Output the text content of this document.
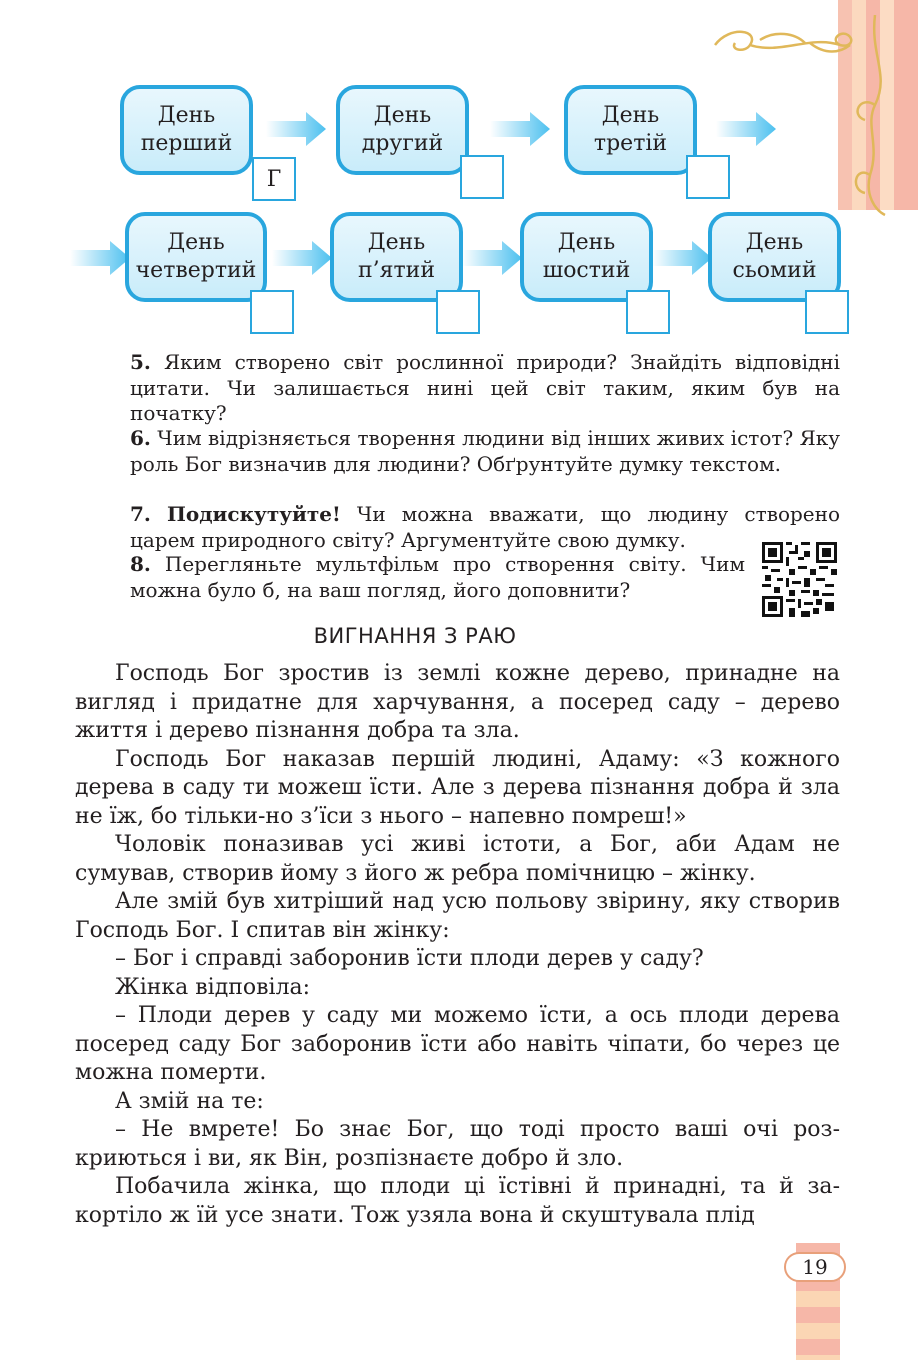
День
перший
Г
День
другий
День
третій
День
четвертий
День
п’ятий
День
шостий
День
сьомий
5. Яким створено світ рослинної природи? Знайдіть відповідні цитати. Чи залишається нині цей світ таким, яким був на початку?
6. Чим відрізняється творення людини від інших живих істот? Яку роль Бог визначив для людини? Обґрунтуйте думку текстом.
7. Подискутуйте! Чи можна вважати, що людину створено царем природного світу? Аргументуйте свою думку.
8. Перегляньте мультфільм про створення світу. Чим можна було б, на ваш погляд, його доповнити?
ВИГНАННЯ З РАЮ

Господь Бог зростив із землі кожне дерево, принадне на вигляд і придатне для харчування, а посеред саду – дерево життя і дерево пізнання добра та зла.

Господь Бог наказав першій людині, Адаму: «З кожного дерева в саду ти можеш їсти. Але з дерева пізнання добра й зла не їж, бо тільки-но з’їси з нього – напевно помреш!»

Чоловік поназивав усі живі істоти, а Бог, аби Адам не сумував, створив йому з його ж ребра помічницю – жінку.

Але змій був хитріший над усю польову звірину, яку створив Господь Бог. І спитав він жінку:

– Бог і справді заборонив їсти плоди дерев у саду?

Жінка відповіла:

– Плоди дерев у саду ми можемо їсти, а ось плоди дерева посеред саду Бог заборонив їсти або навіть чіпати, бо через це можна померти.

А змій на те:

– Не вмрете! Бо знає Бог, що тоді просто ваші очі розкриються і ви, як Він, розпізнаєте добро й зло.

Побачила жінка, що плоди ці їстівні й принадні, та й закортіло ж їй усе знати. Тож узяла вона й скуштувала плід

19
